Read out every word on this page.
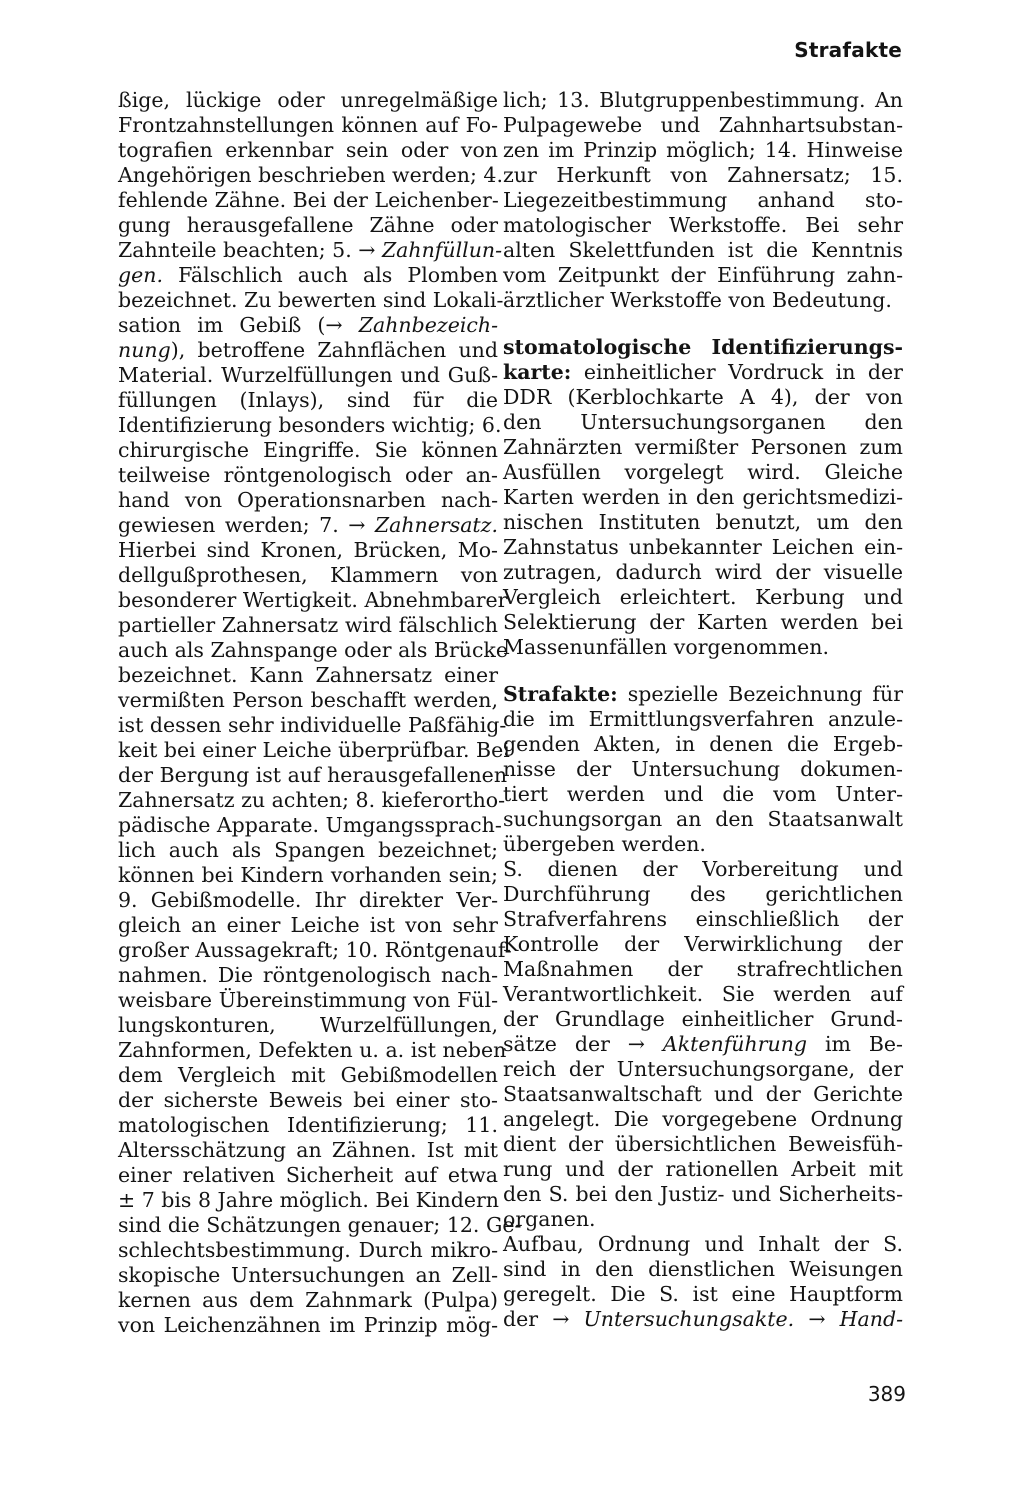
Strafakte
ßige, lückige oder unregelmäßige
Frontzahnstellungen können auf Fo-
tografien erkennbar sein oder von
Angehörigen beschrieben werden; 4.
fehlende Zähne. Bei der Leichenber-
gung herausgefallene Zähne oder
Zahnteile beachten; 5. → Zahnfüllun-
gen. Fälschlich auch als Plomben
bezeichnet. Zu bewerten sind Lokali-
sation im Gebiß (→ Zahnbezeich-
nung), betroffene Zahnflächen und
Material. Wurzelfüllungen und Guß-
füllungen (Inlays), sind für die
Identifizierung besonders wichtig; 6.
chirurgische Eingriffe. Sie können
teilweise röntgenologisch oder an-
hand von Operationsnarben nach-
gewiesen werden; 7. → Zahnersatz.
Hierbei sind Kronen, Brücken, Mo-
dellgußprothesen, Klammern von
besonderer Wertigkeit. Abnehmbarer
partieller Zahnersatz wird fälschlich
auch als Zahnspange oder als Brücke
bezeichnet. Kann Zahnersatz einer
vermißten Person beschafft werden,
ist dessen sehr individuelle Paßfähig-
keit bei einer Leiche überprüfbar. Bei
der Bergung ist auf herausgefallenen
Zahnersatz zu achten; 8. kieferortho-
pädische Apparate. Umgangssprach-
lich auch als Spangen bezeichnet;
können bei Kindern vorhanden sein;
9. Gebißmodelle. Ihr direkter Ver-
gleich an einer Leiche ist von sehr
großer Aussagekraft; 10. Röntgenauf-
nahmen. Die röntgenologisch nach-
weisbare Übereinstimmung von Fül-
lungskonturen, Wurzelfüllungen,
Zahnformen, Defekten u. a. ist neben
dem Vergleich mit Gebißmodellen
der sicherste Beweis bei einer sto-
matologischen Identifizierung; 11.
Altersschätzung an Zähnen. Ist mit
einer relativen Sicherheit auf etwa
± 7 bis 8 Jahre möglich. Bei Kindern
sind die Schätzungen genauer; 12. Ge-
schlechtsbestimmung. Durch mikro-
skopische Untersuchungen an Zell-
kernen aus dem Zahnmark (Pulpa)
von Leichenzähnen im Prinzip mög-
lich; 13. Blutgruppenbestimmung. An
Pulpagewebe und Zahnhartsubstan-
zen im Prinzip möglich; 14. Hinweise
zur Herkunft von Zahnersatz; 15.
Liegezeitbestimmung anhand sto-
matologischer Werkstoffe. Bei sehr
alten Skelettfunden ist die Kenntnis
vom Zeitpunkt der Einführung zahn-
ärztlicher Werkstoffe von Bedeutung.
stomatologische Identifizierungs-
karte: einheitlicher Vordruck in der
DDR (Kerblochkarte A 4), der von
den Untersuchungsorganen den
Zahnärzten vermißter Personen zum
Ausfüllen vorgelegt wird. Gleiche
Karten werden in den gerichtsmedizi-
nischen Instituten benutzt, um den
Zahnstatus unbekannter Leichen ein-
zutragen, dadurch wird der visuelle
Vergleich erleichtert. Kerbung und
Selektierung der Karten werden bei
Massenunfällen vorgenommen.
Strafakte: spezielle Bezeichnung für
die im Ermittlungsverfahren anzule-
genden Akten, in denen die Ergeb-
nisse der Untersuchung dokumen-
tiert werden und die vom Unter-
suchungsorgan an den Staatsanwalt
übergeben werden.
S. dienen der Vorbereitung und
Durchführung des gerichtlichen
Strafverfahrens einschließlich der
Kontrolle der Verwirklichung der
Maßnahmen der strafrechtlichen
Verantwortlichkeit. Sie werden auf
der Grundlage einheitlicher Grund-
sätze der → Aktenführung im Be-
reich der Untersuchungsorgane, der
Staatsanwaltschaft und der Gerichte
angelegt. Die vorgegebene Ordnung
dient der übersichtlichen Beweisfüh-
rung und der rationellen Arbeit mit
den S. bei den Justiz- und Sicherheits-
organen.
Aufbau, Ordnung und Inhalt der S.
sind in den dienstlichen Weisungen
geregelt. Die S. ist eine Hauptform
der → Untersuchungsakte. → Hand-
389
